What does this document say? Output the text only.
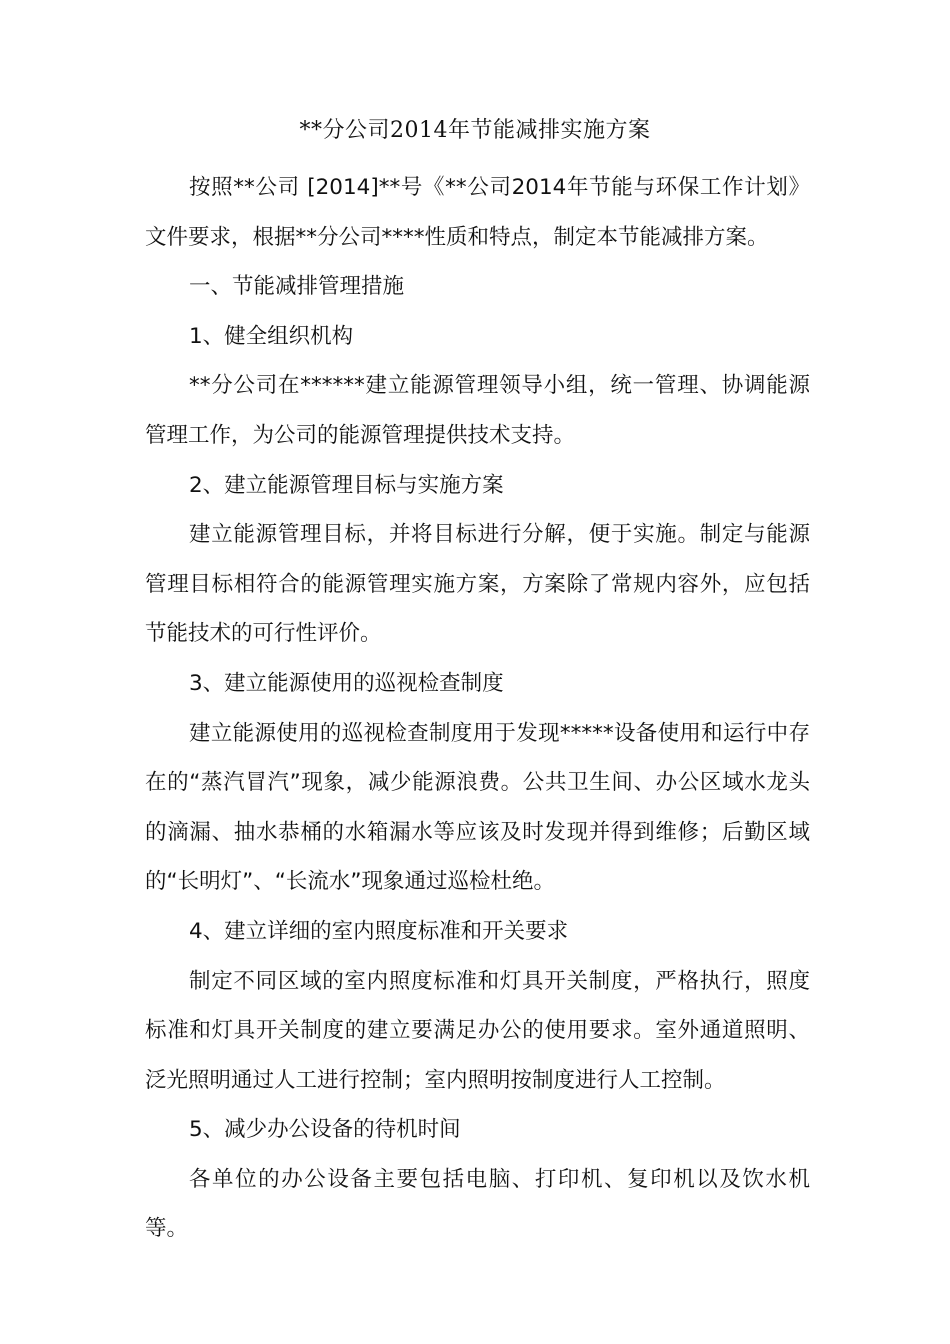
**分公司2014年节能减排实施方案

按照**公司 [2014]**号《**公司2014年节能与环保工作计划》文件要求，根据**分公司****性质和特点，制定本节能减排方案。

一、节能减排管理措施

1、健全组织机构

**分公司在******建立能源管理领导小组，统一管理、协调能源管理工作，为公司的能源管理提供技术支持。

2、建立能源管理目标与实施方案

建立能源管理目标，并将目标进行分解，便于实施。制定与能源管理目标相符合的能源管理实施方案，方案除了常规内容外，应包括节能技术的可行性评价。

3、建立能源使用的巡视检查制度

建立能源使用的巡视检查制度用于发现*****设备使用和运行中存在的“蒸汽冒汽”现象，减少能源浪费。公共卫生间、办公区域水龙头的滴漏、抽水恭桶的水箱漏水等应该及时发现并得到维修；后勤区域的“长明灯”、“长流水”现象通过巡检杜绝。

4、建立详细的室内照度标准和开关要求

制定不同区域的室内照度标准和灯具开关制度，严格执行，照度标准和灯具开关制度的建立要满足办公的使用要求。室外通道照明、泛光照明通过人工进行控制；室内照明按制度进行人工控制。

5、减少办公设备的待机时间

各单位的办公设备主要包括电脑、打印机、复印机以及饮水机等。
